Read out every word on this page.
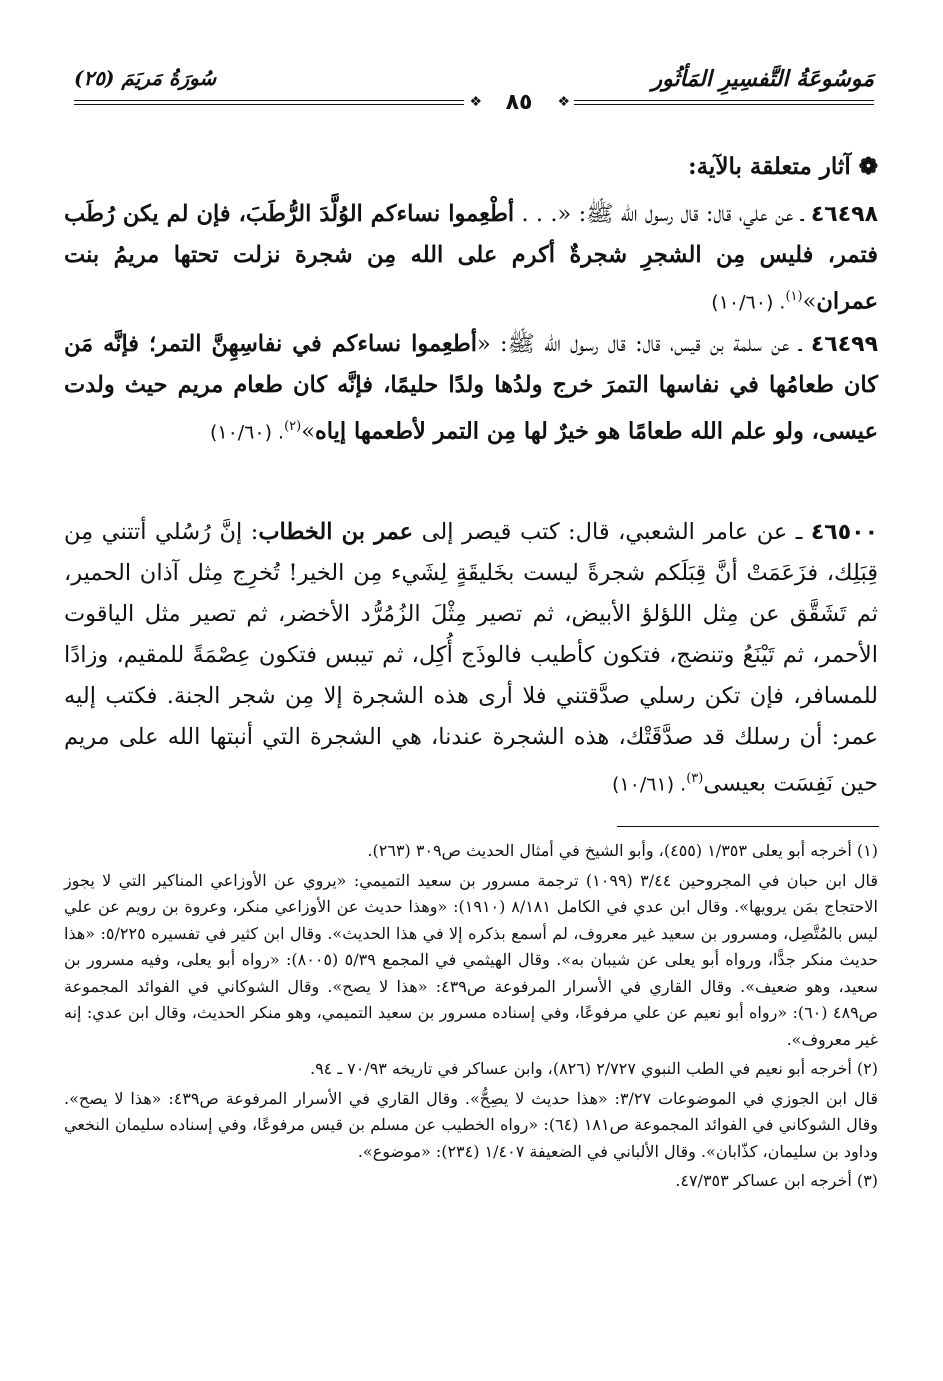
مَوسُوعَةُ التَّفسِيرِ المَأثُور
سُورَةُ مَريَمَ (٢٥)
❖
٨٥
❖
❁آثار متعلقة بالآية:
٤٦٤٩٨ ـ عن علي، قال: قال رسول الله ﷺ: «. . . أطْعِموا نساءكم الوُلَّدَ الرُّطَبَ، فإن لم يكن رُطَب فتمر، فليس مِن الشجرِ شجرةٌ أكرم على الله مِن شجرة نزلت تحتها مريمُ بنت عمران»$^{(١)}$. (١٠/٦٠)
٤٦٤٩٩ ـ عن سلمة بن قيس، قال: قال رسول الله ﷺ: «أطعِموا نساءكم في نفاسِهِنَّ التمر؛ فإنَّه مَن كان طعامُها في نفاسها التمرَ خرج ولدُها ولدًا حليمًا، فإنَّه كان طعام مريم حيث ولدت عيسى، ولو علم الله طعامًا هو خيرٌ لها مِن التمر لأطعمها إياه»$^{(٢)}$. (١٠/٦٠)
٤٦٥٠٠ ـ عن عامر الشعبي، قال: كتب قيصر إلى عمر بن الخطاب: إنَّ رُسُلي أتتني مِن قِبَلِك، فزَعَمَتْ أنَّ قِبَلَكم شجرةً ليست بخَليقَةٍ لِشَيء مِن الخير! تُخرِج مِثل آذان الحمير، ثم تَشَقَّق عن مِثل اللؤلؤ الأبيض، ثم تصير مِثْلَ الزُمُرُّد الأخضر، ثم تصير مثل الياقوت الأحمر، ثم تَيْنَعُ وتنضج، فتكون كأطيب فالوذَج أُكِل، ثم تيبس فتكون عِصْمَةً للمقيم، وزادًا للمسافر، فإن تكن رسلي صدَّقتني فلا أرى هذه الشجرة إلا مِن شجر الجنة. فكتب إليه عمر: أن رسلك قد صدَّقَتْك، هذه الشجرة عندنا، هي الشجرة التي أنبتها الله على مريم حين نَفِسَت بعيسى$^{(٣)}$. (١٠/٦١)

(١) أخرجه أبو يعلى ١/٣٥٣ (٤٥٥)، وأبو الشيخ في أمثال الحديث ص٣٠٩ (٢٦٣).

قال ابن حبان في المجروحين ٣/٤٤ (١٠٩٩) ترجمة مسرور بن سعيد التميمي: «يروي عن الأوزاعي المناكير التي لا يجوز الاحتجاج بمَن يرويها». وقال ابن عدي في الكامل ٨/١٨١ (١٩١٠): «وهذا حديث عن الأوزاعي منكر، وعروة بن رويم عن علي ليس بالمُتَّصِل، ومسرور بن سعيد غير معروف، لم أسمع بذكره إلا في هذا الحديث». وقال ابن كثير في تفسيره ٥/٢٢٥: «هذا حديث منكر جدًّا، ورواه أبو يعلى عن شيبان به». وقال الهيثمي في المجمع ٥/٣٩ (٨٠٠٥): «رواه أبو يعلى، وفيه مسرور بن سعيد، وهو ضعيف». وقال القاري في الأسرار المرفوعة ص٤٣٩: «هذا لا يصح». وقال الشوكاني في الفوائد المجموعة ص٤٨٩ (٦٠): «رواه أبو نعيم عن علي مرفوعًا، وفي إسناده مسرور بن سعيد التميمي، وهو منكر الحديث، وقال ابن عدي: إنه غير معروف».

(٢) أخرجه أبو نعيم في الطب النبوي ٢/٧٢٧ (٨٢٦)، وابن عساكر في تاريخه ٧٠/٩٣ ـ ٩٤.

قال ابن الجوزي في الموضوعات ٣/٢٧: «هذا حديث لا يصِحُّ». وقال القاري في الأسرار المرفوعة ص٤٣٩: «هذا لا يصح». وقال الشوكاني في الفوائد المجموعة ص١٨١ (٦٤): «رواه الخطيب عن مسلم بن قيس مرفوعًا، وفي إسناده سليمان النخعي وداود بن سليمان، كذّابان». وقال الألباني في الضعيفة ١/٤٠٧ (٢٣٤): «موضوع».

(٣) أخرجه ابن عساكر ٤٧/٣٥٣.
